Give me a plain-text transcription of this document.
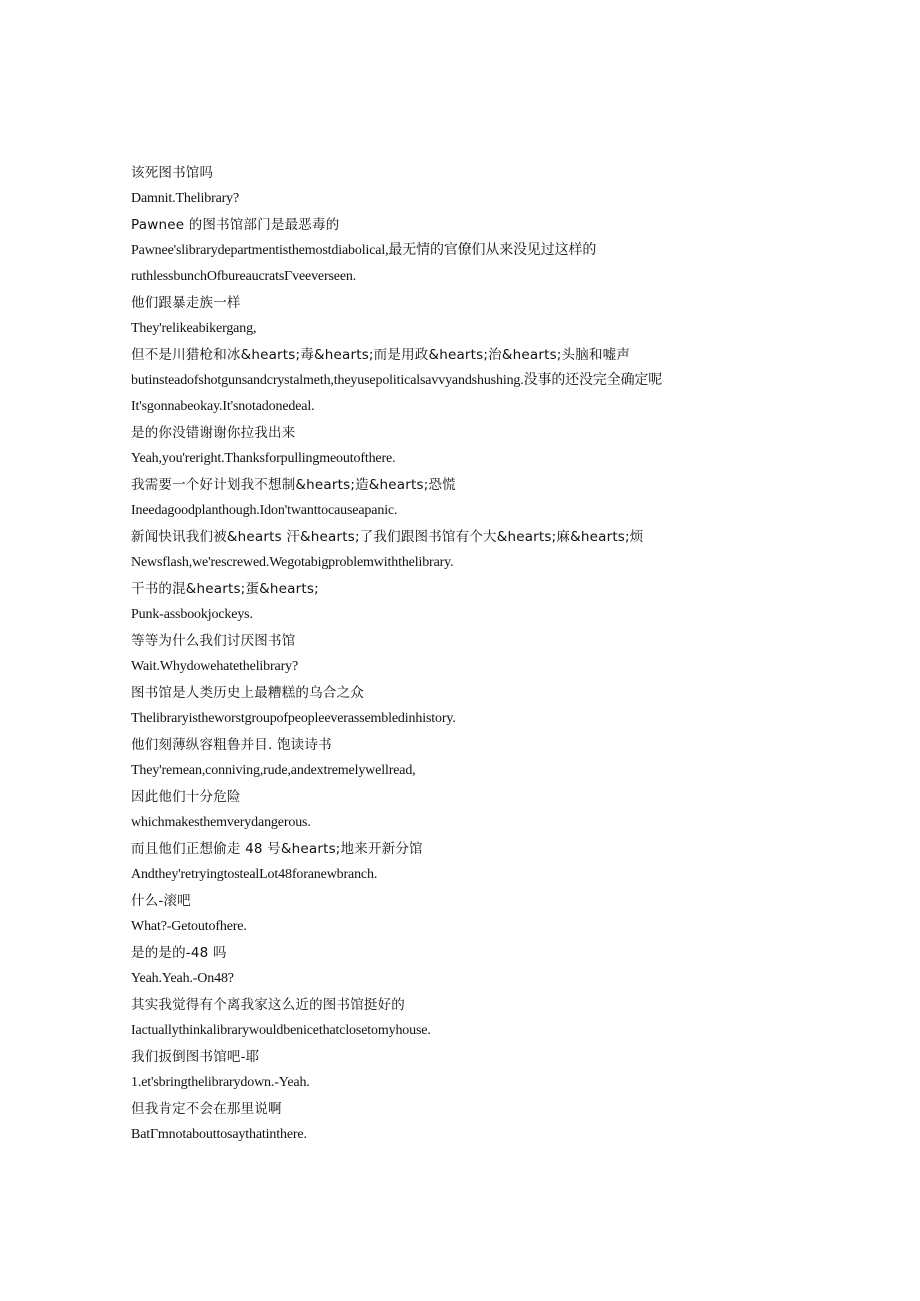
该死图书馆吗
Damnit.Thelibrary?
Pawnee 的图书馆部门是最恶毒的
Pawnee'slibrarydepartmentisthemostdiabolical,最无情的官僚们从来没见过这样的
ruthlessbunchOfbureaucratsΓveeverseen.
他们跟暴走族一样
They'relikeabikergang,
但不是川猎枪和冰&hearts;毒&hearts;而是用政&hearts;治&hearts;头脑和嘘声
butinsteadofshotgunsandcrystalmeth,theyusepoliticalsavvyandshushing.没事的还没完全确定呢
It'sgonnabeokay.It'snotadonedeal.
是的你没错谢谢你拉我出来
Yeah,you'reright.Thanksforpullingmeoutofthere.
我需要一个好计划我不想制&hearts;造&hearts;恐慌
Ineedagoodplanthough.Idon'twanttocauseapanic.
新闻快讯我们被&hearts 汗&hearts;了我们跟图书馆有个大&hearts;麻&hearts;烦
Newsflash,we'rescrewed.Wegotabigproblemwiththelibrary.
干书的混&hearts;蛋&hearts;
Punk-assbookjockeys.
等等为什么我们讨厌图书馆
Wait.Whydowehatethelibrary?
图书馆是人类历史上最糟糕的乌合之众
Thelibraryistheworstgroupofpeopleeverassembledinhistory.
他们刻薄纵容粗鲁并目. 饱读诗书
They'remean,conniving,rude,andextremelywellread,
因此他们十分危险
whichmakesthemverydangerous.
而且他们正想偷走 48 号&hearts;地来开新分馆
Andthey'retryingtostealLot48foranewbranch.
什么-滚吧
What?-Getoutofhere.
是的是的-48 吗
Yeah.Yeah.-On48?
其实我觉得有个离我家这么近的图书馆挺好的
Iactuallythinkalibrarywouldbenicethatclosetomyhouse.
我们扳倒图书馆吧-耶
1.et'sbringthelibrarydown.-Yeah.
但我肯定不会在那里说啊
BatΓmnotabouttosaythatinthere.
